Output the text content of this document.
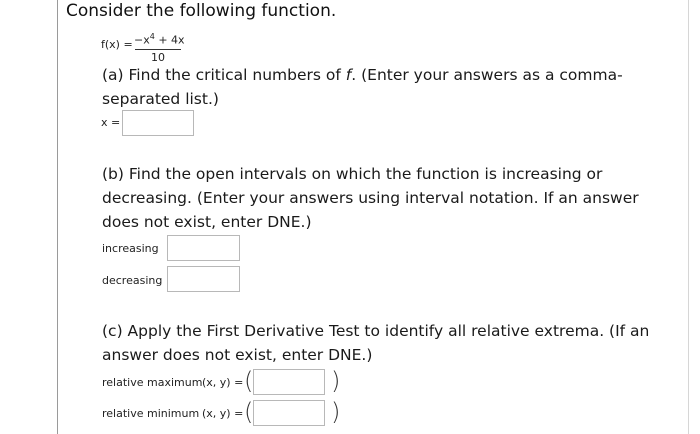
Consider the following function.
$f(x) = -x^4 + 4x$
10
(a) Find the critical numbers of f. (Enter your answers as a comma-separated list.)
x =
(b) Find the open intervals on which the function is increasing or decreasing. (Enter your answers using interval notation. If an answer does not exist, enter DNE.)
increasing
decreasing
(c) Apply the First Derivative Test to identify all relative extrema. (If an answer does not exist, enter DNE.)
relative maximum (x, y) = (	)
relative minimum (x, y) = (	)
